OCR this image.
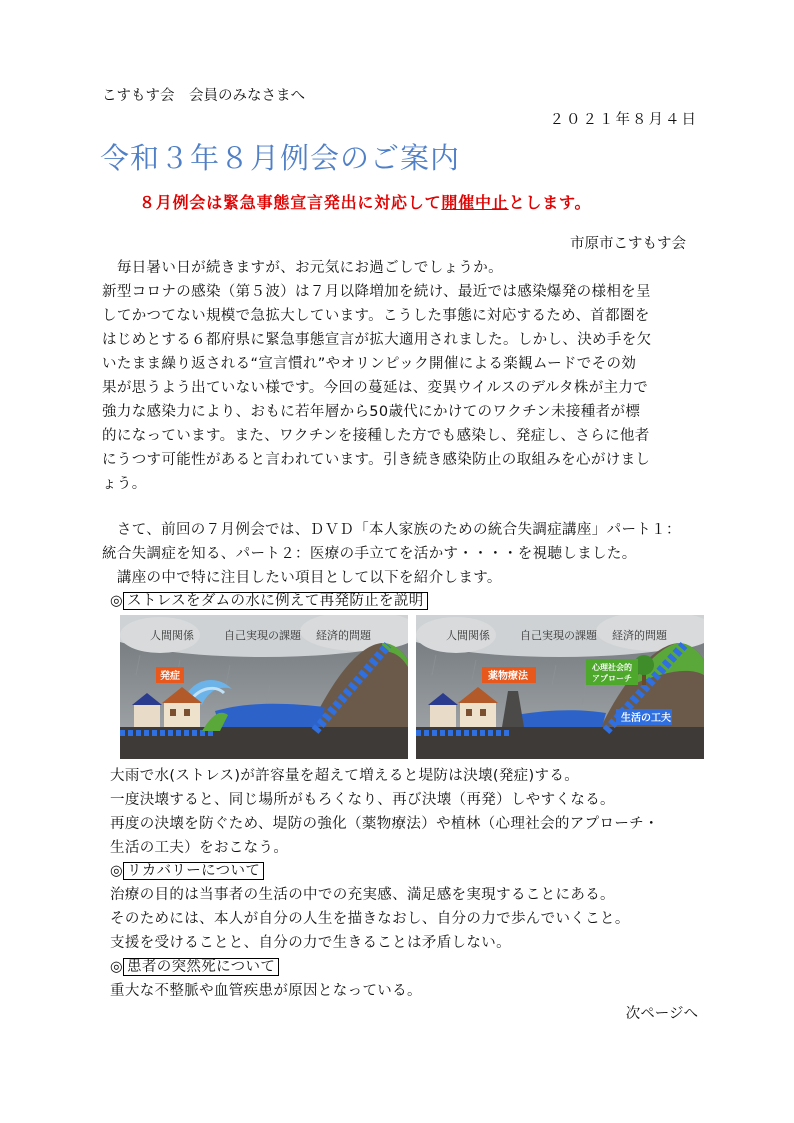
こすもす会　会員のみなさまへ
２０２１年８月４日
令和３年８月例会のご案内
８月例会は緊急事態宣言発出に対応して開催中止とします。
市原市こすもす会
　毎日暑い日が続きますが、お元気にお過ごしでしょうか。
新型コロナの感染（第５波）は７月以降増加を続け、最近では感染爆発の様相を呈
してかつてない規模で急拡大しています。こうした事態に対応するため、首都圏を
はじめとする６都府県に緊急事態宣言が拡大適用されました。しかし、決め手を欠
いたまま繰り返される“宣言慣れ”やオリンピック開催による楽観ムードでその効
果が思うよう出ていない様です。今回の蔓延は、変異ウイルスのデルタ株が主力で
強力な感染力により、おもに若年層から50歳代にかけてのワクチン未接種者が標
的になっています。また、ワクチンを接種した方でも感染し、発症し、さらに他者
にうつす可能性があると言われています。引き続き感染防止の取組みを心がけまし
ょう。
　さて、前回の７月例会では、ＤＶＤ「本人家族のための統合失調症講座」パート１：
統合失調症を知る、パート２：医療の手立てを活かす・・・・を視聴しました。
　講座の中で特に注目したい項目として以下を紹介します。
◎ ストレスをダムの水に例えて再発防止を説明
人間関係	自己実現の課題 経済的問題
発症
人間関係	自己実現の課題 経済的問題
薬物療法
心理社会的
アプローチ
生活の工夫
大雨で水(ストレス)が許容量を超えて増えると堤防は決壊(発症)する。
一度決壊すると、同じ場所がもろくなり、再び決壊（再発）しやすくなる。
再度の決壊を防ぐため、堤防の強化（薬物療法）や植林（心理社会的アプローチ・
生活の工夫）をおこなう。
◎ リカバリーについて
治療の目的は当事者の生活の中での充実感、満足感を実現することにある。
そのためには、本人が自分の人生を描きなおし、自分の力で歩んでいくこと。
支援を受けることと、自分の力で生きることは矛盾しない。
◎ 患者の突然死について
重大な不整脈や血管疾患が原因となっている。
次ページへ
